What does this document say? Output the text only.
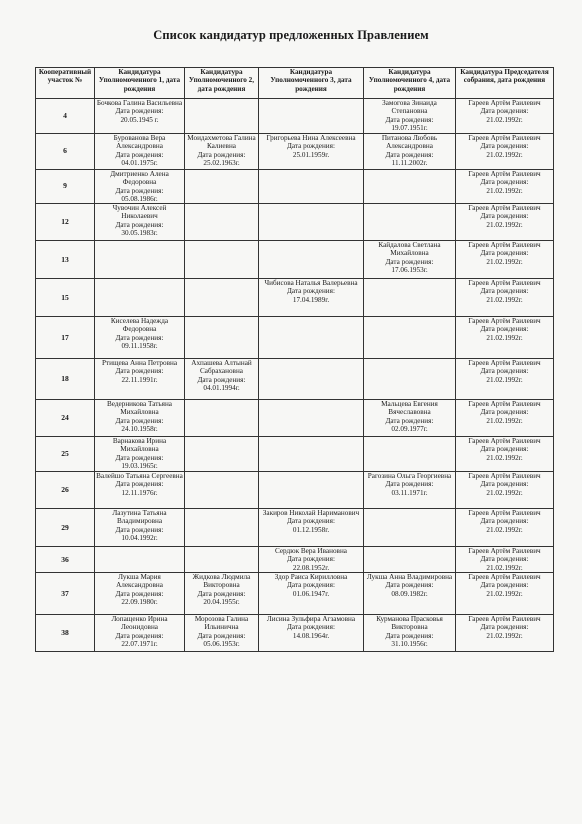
Список кандидатур предложенных Правлением
Кооперативный участок №	Кандидатура Уполномоченного 1, дата рождения	Кандидатура Уполномоченного 2, дата рождения	Кандидатура Уполномоченного 3, дата рождения	Кандидатура Уполномоченного 4, дата рождения	Кандидатура Председателя собрания, дата рождения
4	Бочкова Галина Васильевна
Дата рождения:
20.05.1945 г.			Замогова Зинаида Степановна
Дата рождения:
19.07.1951г.	Гареев Артём Раилевич
Дата рождения:
21.02.1992г.

6	Бурованова Вера Александровна
Дата рождения:
04.01.1975г.	Моидахметова Галина Калиевна
Дата рождения:
25.02.1963г.	Григорьева Нина Алексеевна
Дата рождения:
25.01.1959г.	Питанова Любовь Александровна
Дата рождения:
11.11.2002г.	Гареев Артём Раилевич
Дата рождения:
21.02.1992г.

9	Дмитриенко Алена Федоровна
Дата рождения:
05.08.1986г.				Гареев Артём Раилевич
Дата рождения:
21.02.1992г.

12	Чувочин Алексей Николаевич
Дата рождения:
30.05.1983г.				Гареев Артём Раилевич
Дата рождения:
21.02.1992г.

13				Кайдалова Светлана Михайловна
Дата рождения:
17.06.1953г.	Гареев Артём Раилевич
Дата рождения:
21.02.1992г.

15			Чибисова Наталья Валерьевна
Дата рождения:
17.04.1989г.		Гареев Артём Раилевич
Дата рождения:
21.02.1992г.

17	Киселева Надежда Федоровна
Дата рождения:
09.11.1958г.				Гареев Артём Раилевич
Дата рождения:
21.02.1992г.

18	Ртищева Анна Петровна
Дата рождения:
22.11.1991г.	Ахпашева Алтынай Сабрахановна
Дата рождения:
04.01.1994г.			Гареев Артём Раилевич
Дата рождения:
21.02.1992г.

24	Ведерникова Татьяна Михайловна
Дата рождения:
24.10.1958г.			Мальцева Евгения Вячеславовна
Дата рождения:
02.09.1977г.	Гареев Артём Раилевич
Дата рождения:
21.02.1992г.

25	Варнакова Ирина Михайловна
Дата рождения:
19.03.1965г.				Гареев Артём Раилевич
Дата рождения:
21.02.1992г.

26	Валейшо Татьяна Сергеевна
Дата рождения:
12.11.1976г.			Рагозина Ольга Георгиевна
Дата рождения:
03.11.1971г.	Гареев Артём Раилевич
Дата рождения:
21.02.1992г.

29	Лазутина Татьяна Владимировна
Дата рождения:
10.04.1992г.		Закиров Николай Нариманович
Дата рождения:
01.12.1958г.		Гареев Артём Раилевич
Дата рождения:
21.02.1992г.

36			Сердюк Вера Ивановна
Дата рождения:
22.08.1952г.		Гареев Артём Раилевич
Дата рождения:
21.02.1992г.

37	Лукша Мария Александровна
Дата рождения:
22.09.1980г.	Жидкова Людмила Викторовна
Дата рождения:
20.04.1955г.	Здор Раиса Кирилловна
Дата рождения:
01.06.1947г.	Лукша Анна Владимировна
Дата рождения:
08.09.1982г.	Гареев Артём Раилевич
Дата рождения:
21.02.1992г.

38	Лопащенко Ирина Леонидовна
Дата рождения:
22.07.1971г.	Морозова Галина Ильинична
Дата рождения:
05.06.1953г.	Лисина Зульфира Агзамовна
Дата рождения:
14.08.1964г.	Курманова Прасковья Викторовна
Дата рождения:
31.10.1956г.	Гареев Артём Раилевич
Дата рождения:
21.02.1992г.
